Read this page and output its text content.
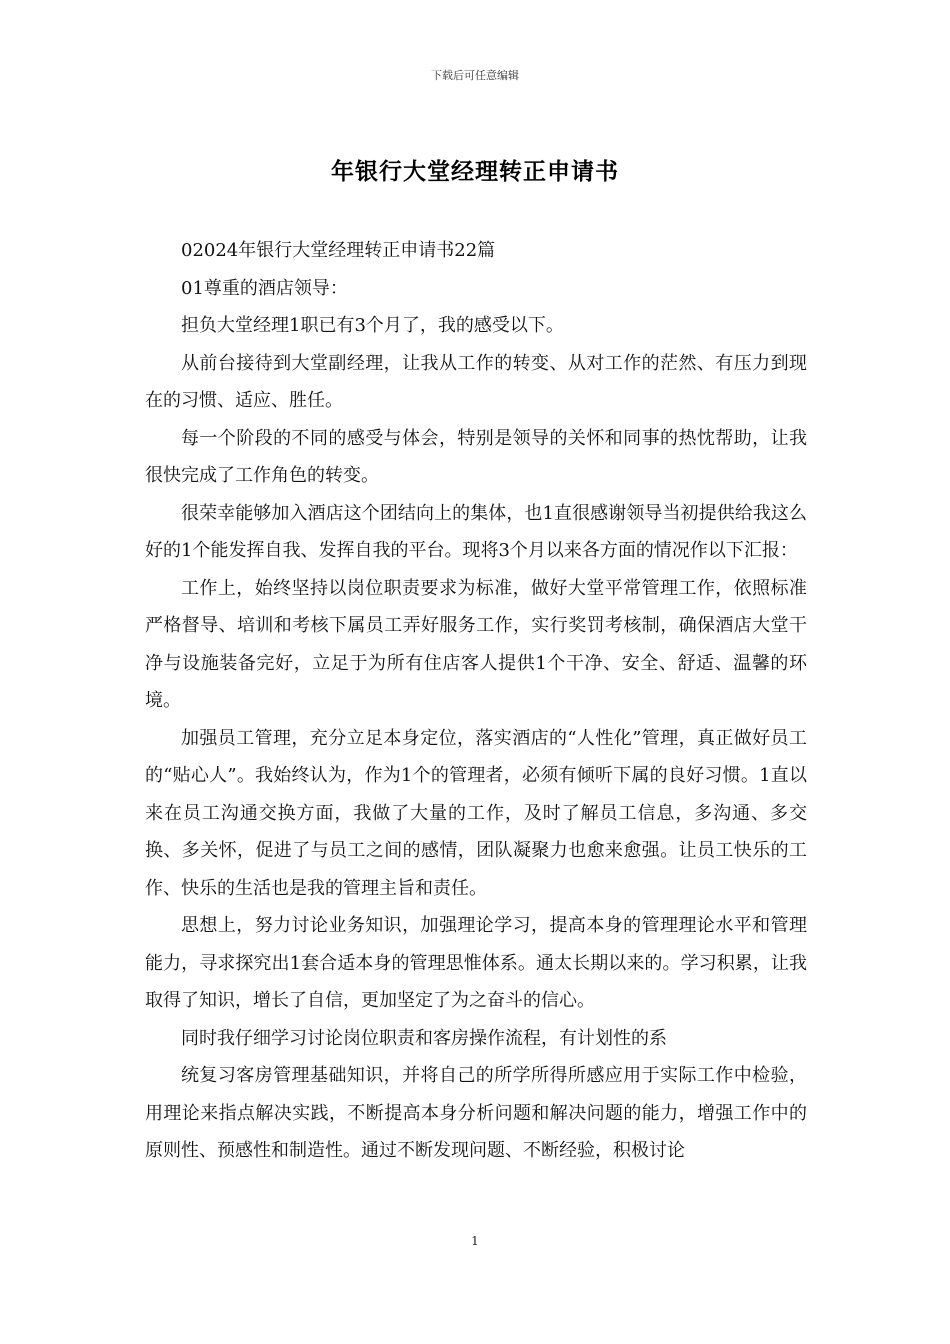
下载后可任意编辑
年银行大堂经理转正申请书

02024年银行大堂经理转正申请书22篇

01尊重的酒店领导：

担负大堂经理1职已有3个月了，我的感受以下。

从前台接待到大堂副经理，让我从工作的转变、从对工作的茫然、有压力到现在的习惯、适应、胜任。

每一个阶段的不同的感受与体会，特别是领导的关怀和同事的热忱帮助，让我很快完成了工作角色的转变。

很荣幸能够加入酒店这个团结向上的集体，也1直很感谢领导当初提供给我这么好的1个能发挥自我、发挥自我的平台。现将3个月以来各方面的情况作以下汇报：

工作上，始终坚持以岗位职责要求为标准，做好大堂平常管理工作，依照标准严格督导、培训和考核下属员工弄好服务工作，实行奖罚考核制，确保酒店大堂干净与设施装备完好，立足于为所有住店客人提供1个干净、安全、舒适、温馨的环境。

加强员工管理，充分立足本身定位，落实酒店的“人性化”管理，真正做好员工的“贴心人”。我始终认为，作为1个的管理者，必须有倾听下属的良好习惯。1直以来在员工沟通交换方面，我做了大量的工作，及时了解员工信息，多沟通、多交换、多关怀，促进了与员工之间的感情，团队凝聚力也愈来愈强。让员工快乐的工作、快乐的生活也是我的管理主旨和责任。

思想上，努力讨论业务知识，加强理论学习，提高本身的管理理论水平和管理能力，寻求探究出1套合适本身的管理思惟体系。通太长期以来的。学习积累，让我取得了知识，增长了自信，更加坚定了为之奋斗的信心。

同时我仔细学习讨论岗位职责和客房操作流程，有计划性的系

统复习客房管理基础知识，并将自己的所学所得所感应用于实际工作中检验，用理论来指点解决实践，不断提高本身分析问题和解决问题的能力，增强工作中的原则性、预感性和制造性。通过不断发现问题、不断经验，积极讨论

1
